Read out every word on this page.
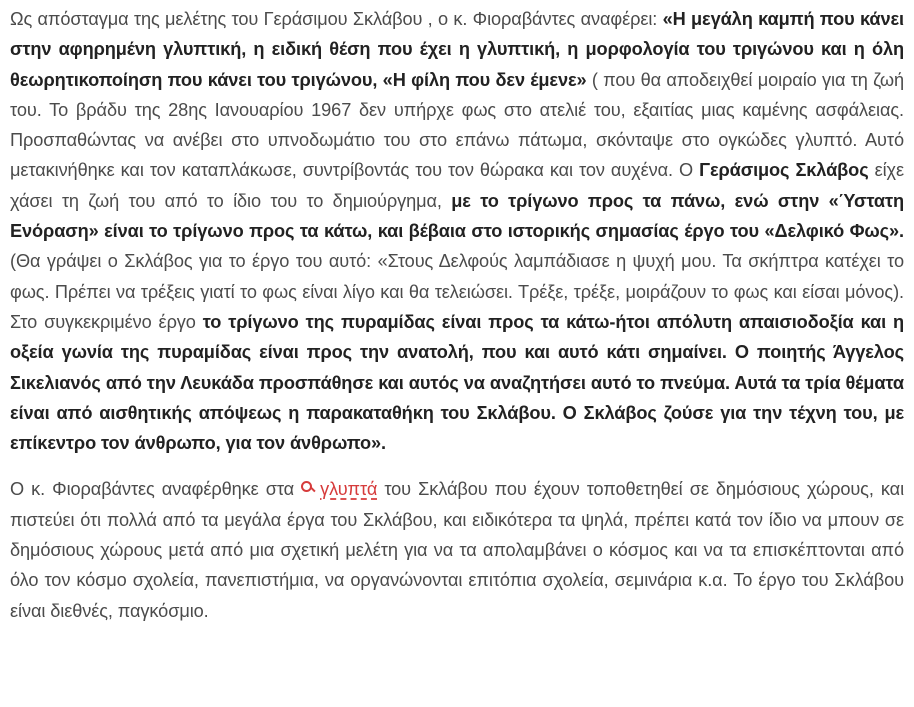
Ως απόσταγμα της μελέτης του Γεράσιμου Σκλάβου , ο κ. Φιοραβάντες αναφέρει: «Η μεγάλη καμπή που κάνει στην αφηρημένη γλυπτική, η ειδική θέση που έχει η γλυπτική, η μορφολογία του τριγώνου και η όλη θεωρητικοποίηση που κάνει του τριγώνου, «Η φίλη που δεν έμενε» ( που θα αποδειχθεί μοιραίο για τη ζωή του. Το βράδυ της 28ης Ιανουαρίου 1967 δεν υπήρχε φως στο ατελιέ του, εξαιτίας μιας καμένης ασφάλειας. Προσπαθώντας να ανέβει στο υπνοδωμάτιο του στο επάνω πάτωμα, σκόνταψε στο ογκώδες γλυπτό. Αυτό μετακινήθηκε και τον καταπλάκωσε, συντρίβοντάς του τον θώρακα και τον αυχένα. Ο Γεράσιμος Σκλάβος είχε χάσει τη ζωή του από το ίδιο του το δημιούργημα, με το τρίγωνο προς τα πάνω, ενώ στην «Ύστατη Ενόραση» είναι το τρίγωνο προς τα κάτω, και βέβαια στο ιστορικής σημασίας έργο του «Δελφικό Φως». (Θα γράψει ο Σκλάβος για το έργο του αυτό: «Στους Δελφούς λαμπάδιασε η ψυχή μου. Τα σκήπτρα κατέχει το φως. Πρέπει να τρέξεις γιατί το φως είναι λίγο και θα τελειώσει. Τρέξε, τρέξε, μοιράζουν το φως και είσαι μόνος). Στο συγκεκριμένο έργο το τρίγωνο της πυραμίδας είναι προς τα κάτω-ήτοι απόλυτη απαισιοδοξία και η οξεία γωνία της πυραμίδας είναι προς την ανατολή, που και αυτό κάτι σημαίνει. Ο ποιητής Άγγελος Σικελιανός από την Λευκάδα προσπάθησε και αυτός να αναζητήσει αυτό το πνεύμα. Αυτά τα τρία θέματα είναι από αισθητικής απόψεως η παρακαταθήκη του Σκλάβου. Ο Σκλάβος ζούσε για την τέχνη του, με επίκεντρο τον άνθρωπο, για τον άνθρωπο».

Ο κ. Φιοραβάντες αναφέρθηκε στα γλυπτά του Σκλάβου που έχουν τοποθετηθεί σε δημόσιους χώρους, και πιστεύει ότι πολλά από τα μεγάλα έργα του Σκλάβου, και ειδικότερα τα ψηλά, πρέπει κατά τον ίδιο να μπουν σε δημόσιους χώρους μετά από μια σχετική μελέτη για να τα απολαμβάνει ο κόσμος και να τα επισκέπτονται από όλο τον κόσμο σχολεία, πανεπιστήμια, να οργανώνονται επιτόπια σχολεία, σεμινάρια κ.α. Το έργο του Σκλάβου είναι διεθνές, παγκόσμιο.
